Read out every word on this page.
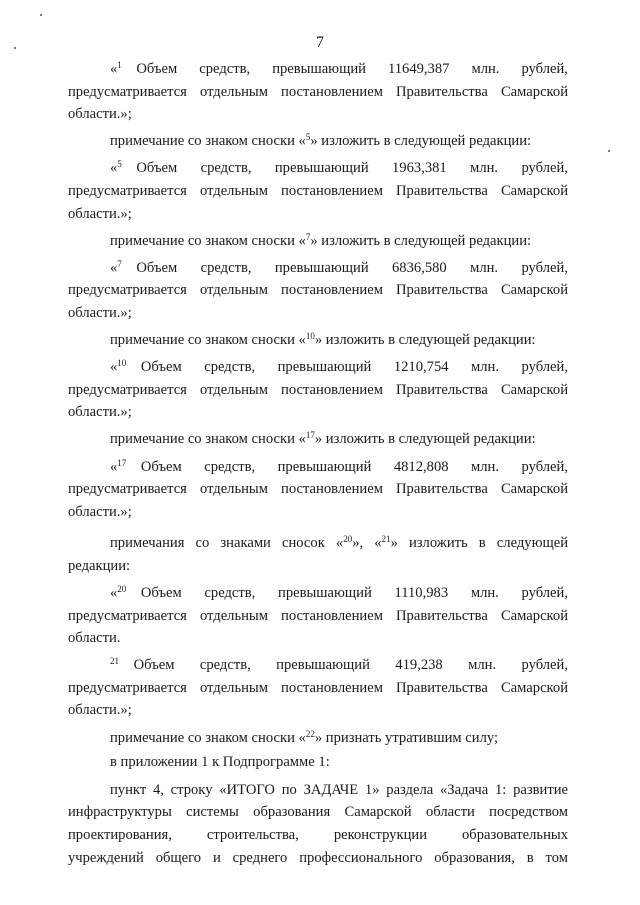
7
«$^1$ Объем средств, превышающий 11649,387 млн. рублей,

предусматривается отдельным постановлением Правительства Самарской

области.»;

примечание со знаком сноски «$^5$» изложить в следующей редакции:

«$^5$ Объем средств, превышающий 1963,381 млн. рублей,

предусматривается отдельным постановлением Правительства Самарской

области.»;

примечание со знаком сноски «$^7$» изложить в следующей редакции:

«$^7$ Объем средств, превышающий 6836,580 млн. рублей,

предусматривается отдельным постановлением Правительства Самарской

области.»;

примечание со знаком сноски «$^{10}$» изложить в следующей редакции:

«$^{10}$ Объем средств, превышающий 1210,754 млн. рублей,

предусматривается отдельным постановлением Правительства Самарской

области.»;

примечание со знаком сноски «$^{17}$» изложить в следующей редакции:

«$^{17}$ Объем средств, превышающий 4812,808 млн. рублей,

предусматривается отдельным постановлением Правительства Самарской

области.»;

примечания со знаками сносок «$^{20}$», «$^{21}$» изложить в следующей

редакции:

«$^{20}$ Объем средств, превышающий 1110,983 млн. рублей,

предусматривается отдельным постановлением Правительства Самарской

области.

$^{21}$ Объем средств, превышающий 419,238 млн. рублей,

предусматривается отдельным постановлением Правительства Самарской

области.»;

примечание со знаком сноски «$^{22}$» признать утратившим силу;

в приложении 1 к Подпрограмме 1:

пункт 4, строку «ИТОГО по ЗАДАЧЕ 1» раздела «Задача 1: развитие

инфраструктуры системы образования Самарской области посредством

проектирования, строительства, реконструкции образовательных

учреждений общего и среднего профессионального образования, в том
